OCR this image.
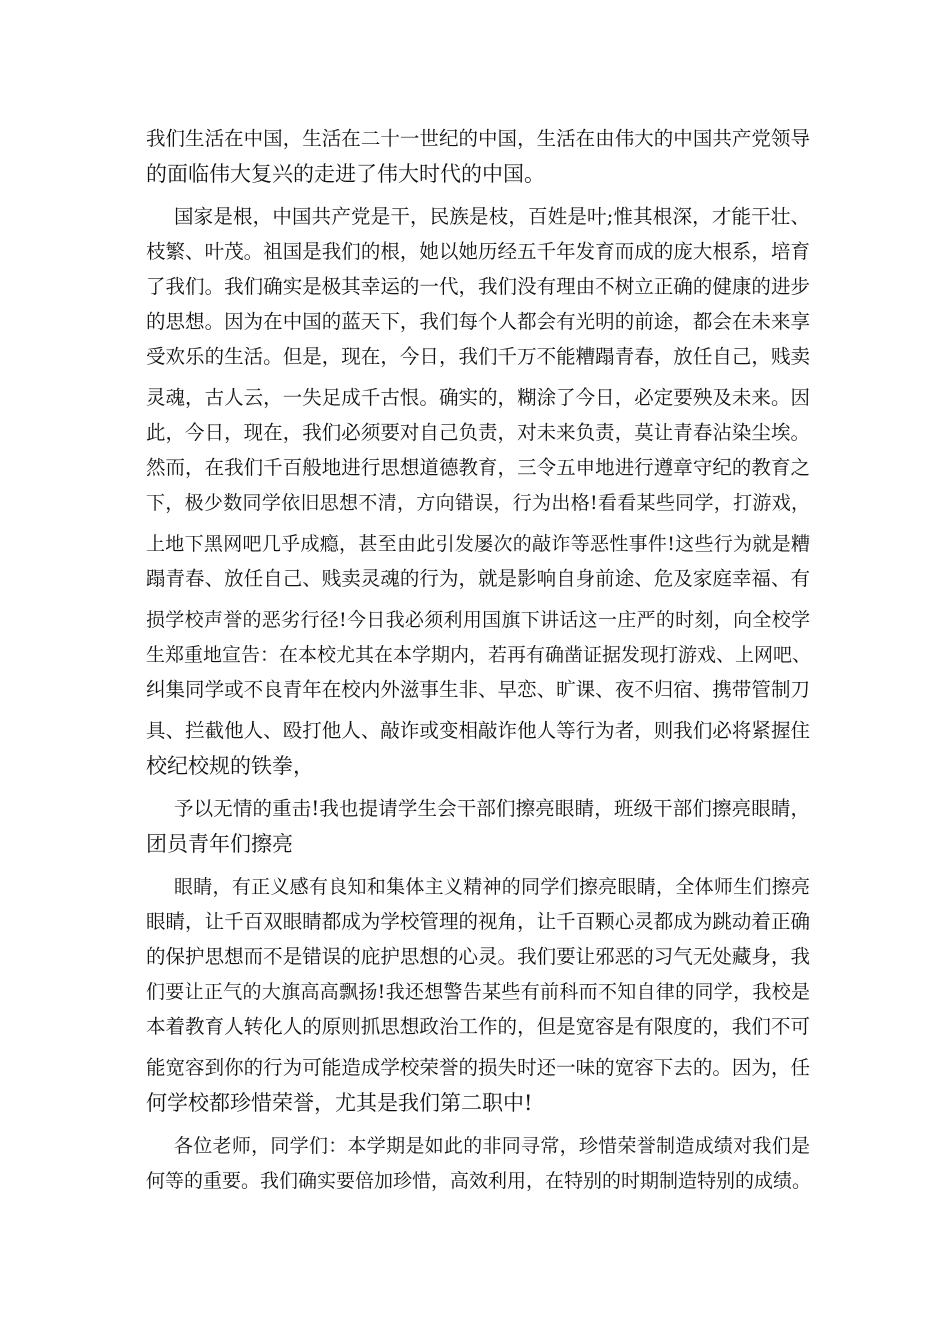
我们生活在中国，生活在二十一世纪的中国，生活在由伟大的中国共产党领导
的面临伟大复兴的走进了伟大时代的中国。
国家是根，中国共产党是干，民族是枝，百姓是叶;惟其根深，才能干壮、
枝繁、叶茂。祖国是我们的根，她以她历经五千年发育而成的庞大根系，培育
了我们。我们确实是极其幸运的一代，我们没有理由不树立正确的健康的进步
的思想。因为在中国的蓝天下，我们每个人都会有光明的前途，都会在未来享
受欢乐的生活。但是，现在，今日，我们千万不能糟蹋青春，放任自己，贱卖
灵魂，古人云，一失足成千古恨。确实的，糊涂了今日，必定要殃及未来。因
此，今日，现在，我们必须要对自己负责，对未来负责，莫让青春沾染尘埃。
然而，在我们千百般地进行思想道德教育，三令五申地进行遵章守纪的教育之
下，极少数同学依旧思想不清，方向错误，行为出格!看看某些同学，打游戏，
上地下黑网吧几乎成瘾，甚至由此引发屡次的敲诈等恶性事件!这些行为就是糟
蹋青春、放任自己、贱卖灵魂的行为，就是影响自身前途、危及家庭幸福、有
损学校声誉的恶劣行径!今日我必须利用国旗下讲话这一庄严的时刻，向全校学
生郑重地宣告：在本校尤其在本学期内，若再有确凿证据发现打游戏、上网吧、
纠集同学或不良青年在校内外滋事生非、早恋、旷课、夜不归宿、携带管制刀
具、拦截他人、殴打他人、敲诈或变相敲诈他人等行为者，则我们必将紧握住
校纪校规的铁拳，
予以无情的重击!我也提请学生会干部们擦亮眼睛，班级干部们擦亮眼睛，
团员青年们擦亮
眼睛，有正义感有良知和集体主义精神的同学们擦亮眼睛，全体师生们擦亮
眼睛，让千百双眼睛都成为学校管理的视角，让千百颗心灵都成为跳动着正确
的保护思想而不是错误的庇护思想的心灵。我们要让邪恶的习气无处藏身，我
们要让正气的大旗高高飘扬!我还想警告某些有前科而不知自律的同学，我校是
本着教育人转化人的原则抓思想政治工作的，但是宽容是有限度的，我们不可
能宽容到你的行为可能造成学校荣誉的损失时还一味的宽容下去的。因为，任
何学校都珍惜荣誉，尤其是我们第二职中!
各位老师，同学们：本学期是如此的非同寻常，珍惜荣誉制造成绩对我们是
何等的重要。我们确实要倍加珍惜，高效利用，在特别的时期制造特别的成绩。
